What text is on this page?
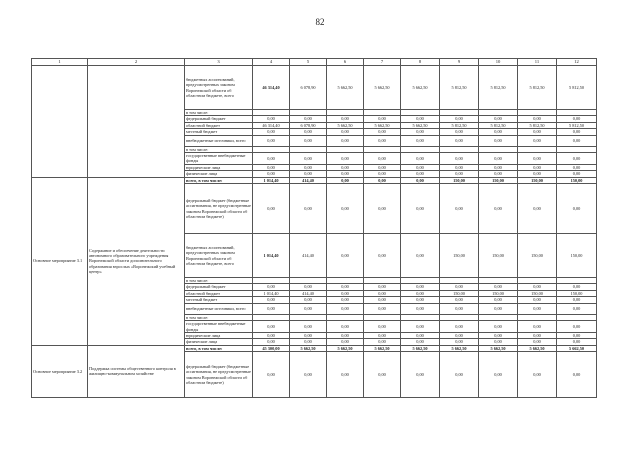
82
1	2	3	4	5	6	7	8	9	10	11	12
		бюджетных ассигнований, предусмотренных законом Воронежской области об областном бюджете, всего	46 314,40	6 078,90	5 662,50	5 662,50	5 662,50	5 812,50	5 812,50	5 812,50	5 812,50
		в том числе:									
		федеральный бюджет	0,00	0,00	0,00	0,00	0,00	0,00	0,00	0,00	0,00
		областной бюджет	46 314,40	6 078,90	5 662,50	5 662,50	5 662,50	5 812,50	5 812,50	5 812,50	5 812,50
		местный бюджет	0,00	0,00	0,00	0,00	0,00	0,00	0,00	0,00	0,00
		внебюджетные источники, всего	0,00	0,00	0,00	0,00	0,00	0,00	0,00	0,00	0,00
		в том числе:									
		государственные внебюджетные фонды	0,00	0,00	0,00	0,00	0,00	0,00	0,00	0,00	0,00
		юридические лица	0,00	0,00	0,00	0,00	0,00	0,00	0,00	0,00	0,00
		физические лица	0,00	0,00	0,00	0,00	0,00	0,00	0,00	0,00	0,00
Основное мероприятие 3.1	Содержание и обеспечение деятельности автономного образовательного учреждения Воронежской области дополнительного образования взрослых «Воронежский учебный центр»	всего, в том числе:	1 014,40	414,40	0,00	0,00	0,00	150,00	150,00	150,00	150,00
		федеральный бюджет (бюджетные ассигнования, не предусмотренные законом Воронежской области об областном бюджете)	0,00	0,00	0,00	0,00	0,00	0,00	0,00	0,00	0,00
		бюджетных ассигнований, предусмотренных законом Воронежской области об областном бюджете, всего	1 014,40	414,40	0,00	0,00	0,00	150,00	150,00	150,00	150,00
		в том числе:									
		федеральный бюджет	0,00	0,00	0,00	0,00	0,00	0,00	0,00	0,00	0,00
		областной бюджет	1 014,40	414,40	0,00	0,00	0,00	150,00	150,00	150,00	150,00
		местный бюджет	0,00	0,00	0,00	0,00	0,00	0,00	0,00	0,00	0,00
		внебюджетные источники, всего	0,00	0,00	0,00	0,00	0,00	0,00	0,00	0,00	0,00
		в том числе:									
		государственные внебюджетные фонды	0,00	0,00	0,00	0,00	0,00	0,00	0,00	0,00	0,00
		юридические лица	0,00	0,00	0,00	0,00	0,00	0,00	0,00	0,00	0,00
		физические лица	0,00	0,00	0,00	0,00	0,00	0,00	0,00	0,00	0,00
Основное мероприятие 3.2	Поддержка системы общественного контроля в жилищно-коммунальном хозяйстве	всего, в том числе:	45 300,00	5 662,50	5 662,50	5 662,50	5 662,50	5 662,50	5 662,50	5 662,50	5 662,50
		федеральный бюджет (бюджетные ассигнования, не предусмотренные законом Воронежской области об областном бюджете)	0,00	0,00	0,00	0,00	0,00	0,00	0,00	0,00	0,00
